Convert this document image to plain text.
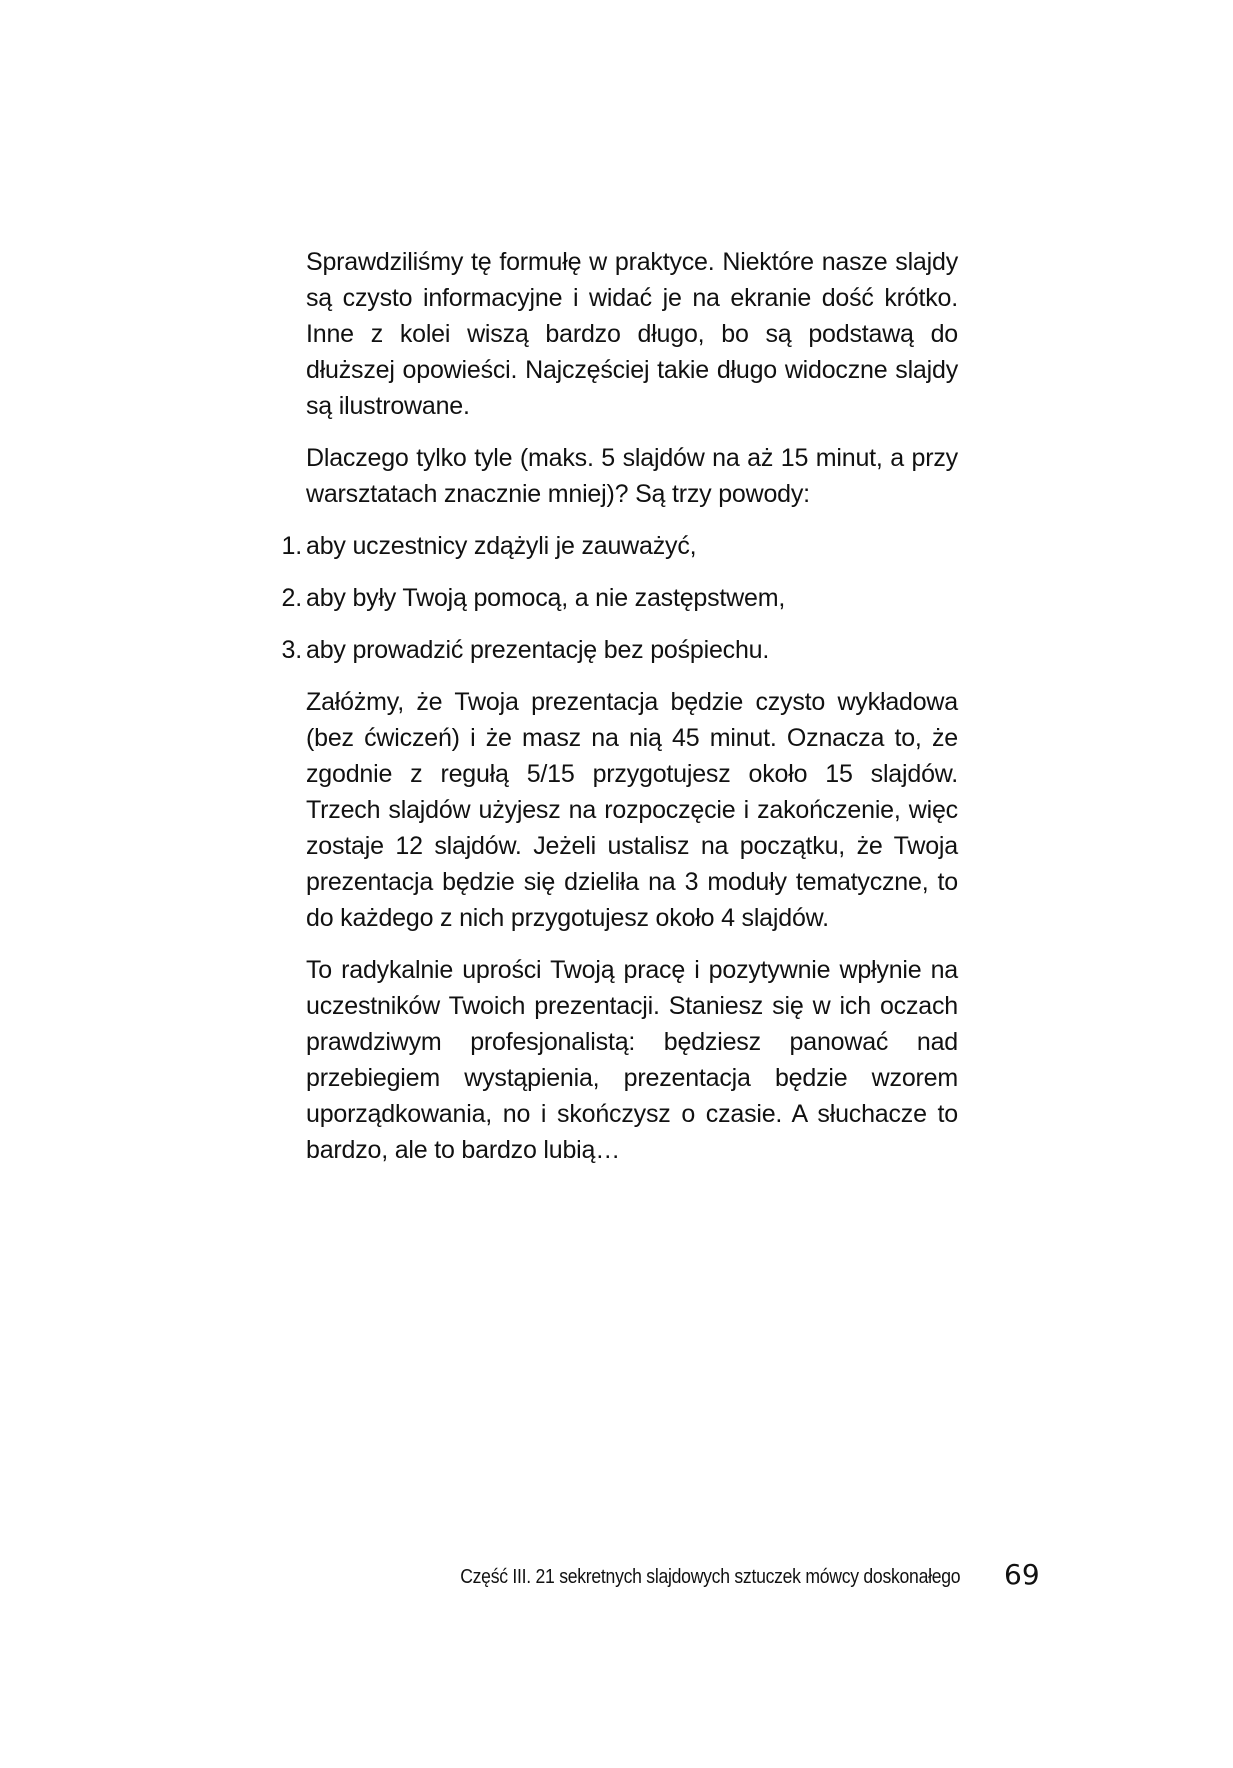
Sprawdziliśmy tę formułę w praktyce. Niektóre nasze slajdy są czysto informacyjne i widać je na ekranie dość krótko. Inne z kolei wiszą bardzo długo, bo są podstawą do dłuższej opowieści. Najczęściej takie długo widoczne slajdy są ilustrowane.

Dlaczego tylko tyle (maks. 5 slajdów na aż 15 minut, a przy warsztatach znacznie mniej)? Są trzy powody:

1. aby uczestnicy zdążyli je zauważyć,
2. aby były Twoją pomocą, a nie zastępstwem,
3. aby prowadzić prezentację bez pośpiechu.

Załóżmy, że Twoja prezentacja będzie czysto wykładowa (bez ćwiczeń) i że masz na nią 45 minut. Oznacza to, że zgodnie z regułą 5/15 przygotujesz około 15 slajdów. Trzech slajdów użyjesz na rozpoczęcie i zakończenie, więc zostaje 12 slajdów. Jeżeli ustalisz na początku, że Twoja prezentacja będzie się dzieliła na 3 moduły tematyczne, to do każdego z nich przygotujesz około 4 slajdów.

To radykalnie uprości Twoją pracę i pozytywnie wpłynie na uczestników Twoich prezentacji. Staniesz się w ich oczach prawdziwym profesjonalistą: będziesz panować nad przebiegiem wystąpienia, prezentacja będzie wzorem uporządkowania, no i skończysz o czasie. A słuchacze to bardzo, ale to bardzo lubią…

Część III. 21 sekretnych slajdowych sztuczek mówcy doskonałego 69
